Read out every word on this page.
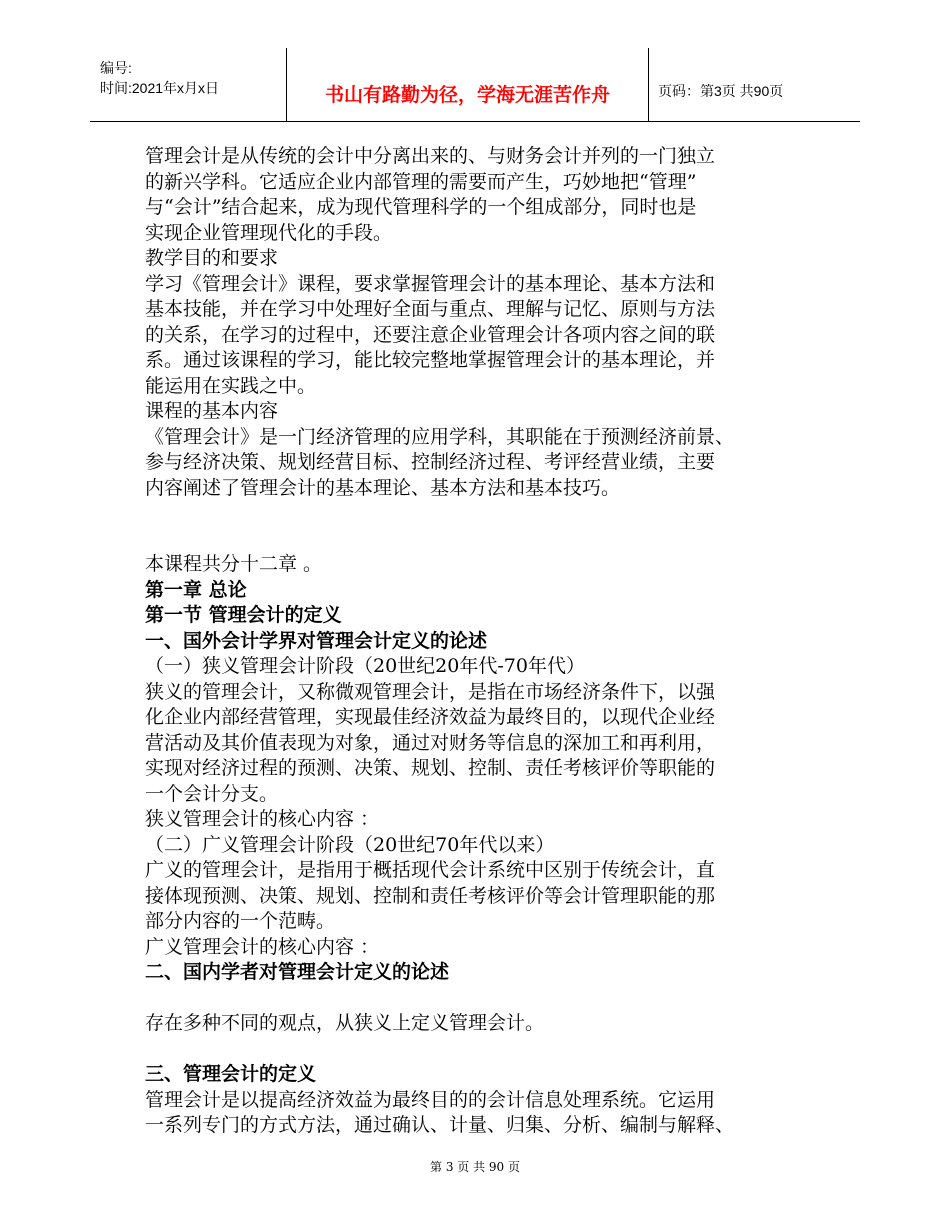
编号:
时间:2021年x月x日	书山有路勤为径，学海无涯苦作舟	页码：第3页 共90页

管理会计是从传统的会计中分离出来的、与财务会计并列的一门独立

的新兴学科。它适应企业内部管理的需要而产生，巧妙地把“管理”

与“会计”结合起来，成为现代管理科学的一个组成部分，同时也是

实现企业管理现代化的手段。

教学目的和要求

学习《管理会计》课程，要求掌握管理会计的基本理论、基本方法和

基本技能，并在学习中处理好全面与重点、理解与记忆、原则与方法

的关系，在学习的过程中，还要注意企业管理会计各项内容之间的联

系。通过该课程的学习，能比较完整地掌握管理会计的基本理论，并

能运用在实践之中。

课程的基本内容

《管理会计》是一门经济管理的应用学科，其职能在于预测经济前景、

参与经济决策、规划经营目标、控制经济过程、考评经营业绩，主要

内容阐述了管理会计的基本理论、基本方法和基本技巧。

本课程共分十二章 。

第一章 总论

第一节 管理会计的定义

一、国外会计学界对管理会计定义的论述

（一）狭义管理会计阶段（20世纪20年代-70年代）

狭义的管理会计，又称微观管理会计，是指在市场经济条件下，以强

化企业内部经营管理，实现最佳经济效益为最终目的，以现代企业经

营活动及其价值表现为对象，通过对财务等信息的深加工和再利用，

实现对经济过程的预测、决策、规划、控制、责任考核评价等职能的

一个会计分支。

狭义管理会计的核心内容 ：

（二）广义管理会计阶段（20世纪70年代以来）

广义的管理会计，是指用于概括现代会计系统中区别于传统会计，直

接体现预测、决策、规划、控制和责任考核评价等会计管理职能的那

部分内容的一个范畴。

广义管理会计的核心内容 ：

二、国内学者对管理会计定义的论述

存在多种不同的观点，从狭义上定义管理会计。

三、管理会计的定义

管理会计是以提高经济效益为最终目的的会计信息处理系统。它运用

一系列专门的方式方法，通过确认、计量、归集、分析、编制与解释、

第 3 页 共 90 页
